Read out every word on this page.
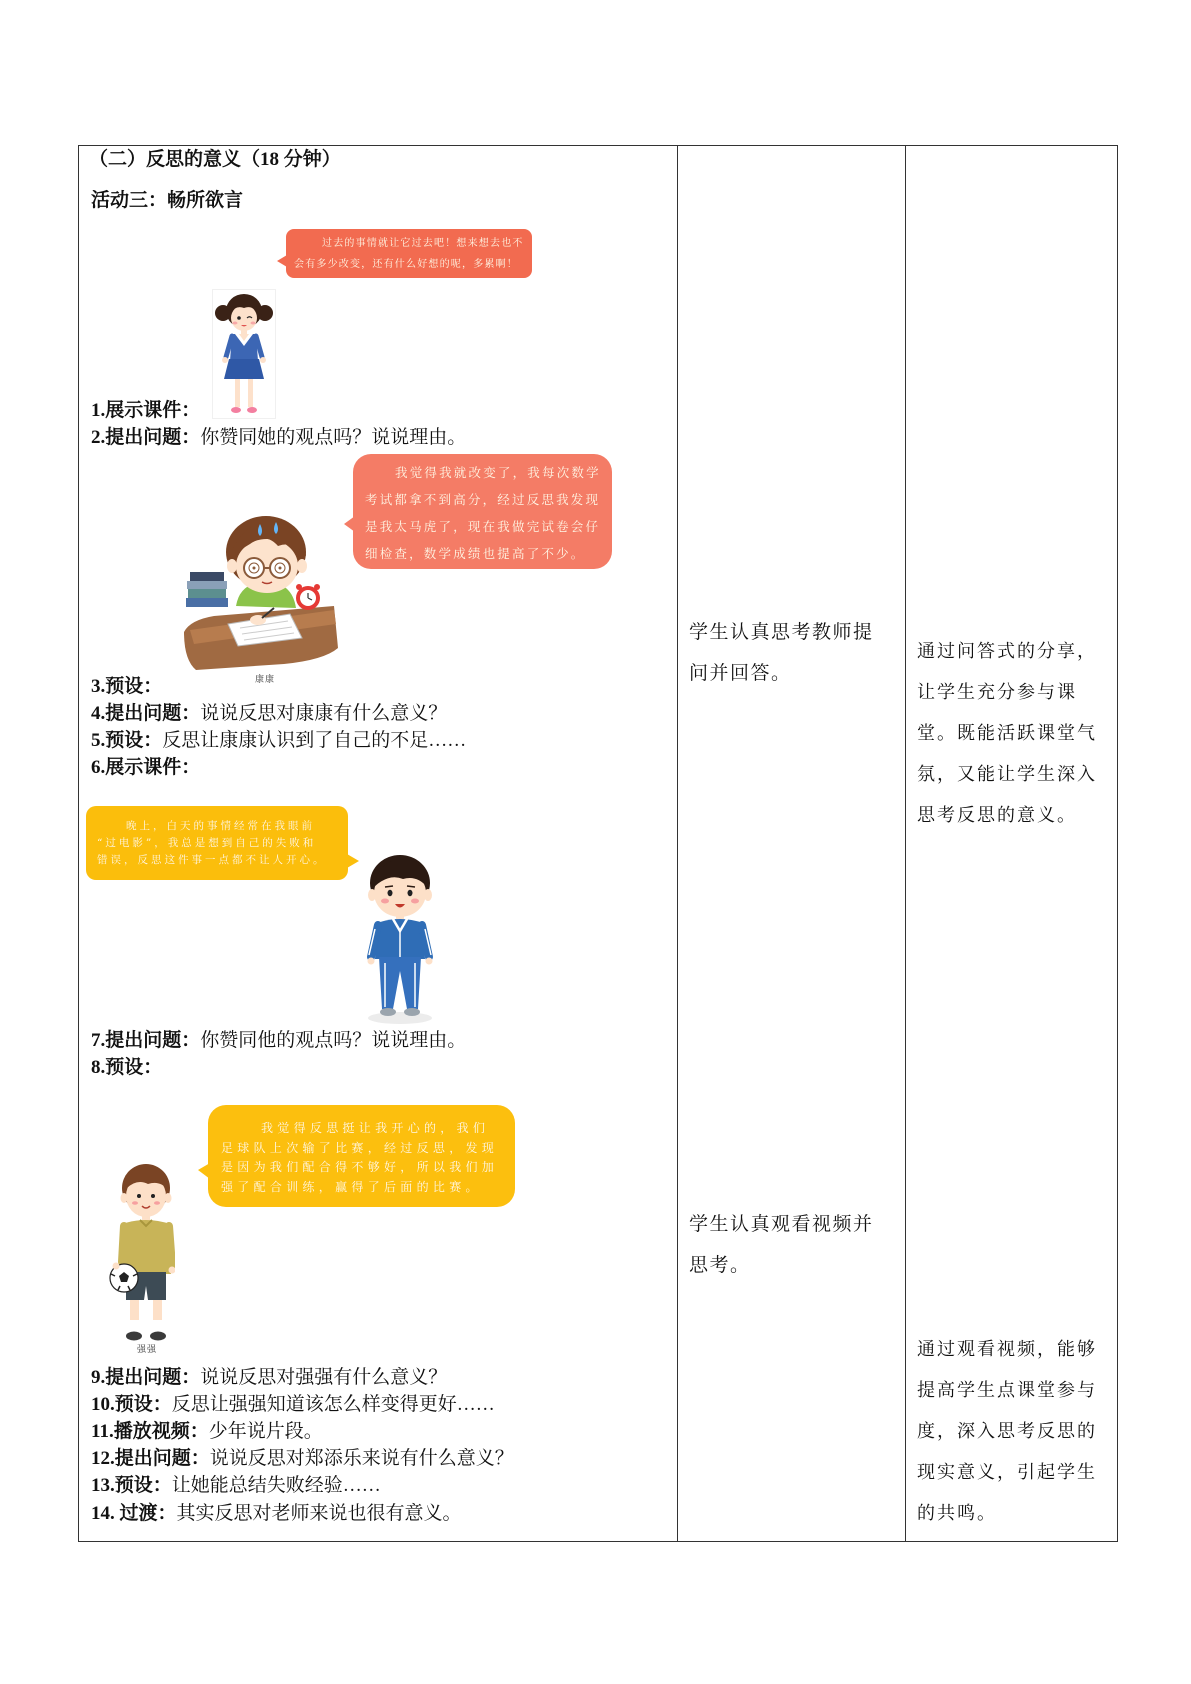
（二）反思的意义（18 分钟）
活动三：畅所欲言
过去的事情就让它过去吧！想来想去也不
会有多少改变，还有什么好想的呢，多累啊！
1.展示课件：
2.提出问题：你赞同她的观点吗？说说理由。
我觉得我就改变了，我每次数学
考试都拿不到高分，经过反思我发现
是我太马虎了，现在我做完试卷会仔
细检查，数学成绩也提高了不少。
康康
3.预设：
4.提出问题：说说反思对康康有什么意义？
5.预设：反思让康康认识到了自己的不足……
6.展示课件：
晚上，白天的事情经常在我眼前
“过电影”，我总是想到自己的失败和
错误，反思这件事一点都不让人开心。
7.提出问题：你赞同他的观点吗？说说理由。
8.预设：
我觉得反思挺让我开心的，我们
足球队上次输了比赛，经过反思，发现
是因为我们配合得不够好，所以我们加
强了配合训练，赢得了后面的比赛。
强强
9.提出问题：说说反思对强强有什么意义？
10.预设：反思让强强知道该怎么样变得更好……
11.播放视频：少年说片段。
12.提出问题：说说反思对郑添乐来说有什么意义？
13.预设：让她能总结失败经验……
14. 过渡：其实反思对老师来说也很有意义。
学生认真思考教师提
问并回答。
学生认真观看视频并
思考。
通过问答式的分享，
让学生充分参与课
堂。既能活跃课堂气
氛，又能让学生深入
思考反思的意义。
通过观看视频，能够
提高学生点课堂参与
度，深入思考反思的
现实意义，引起学生
的共鸣。
